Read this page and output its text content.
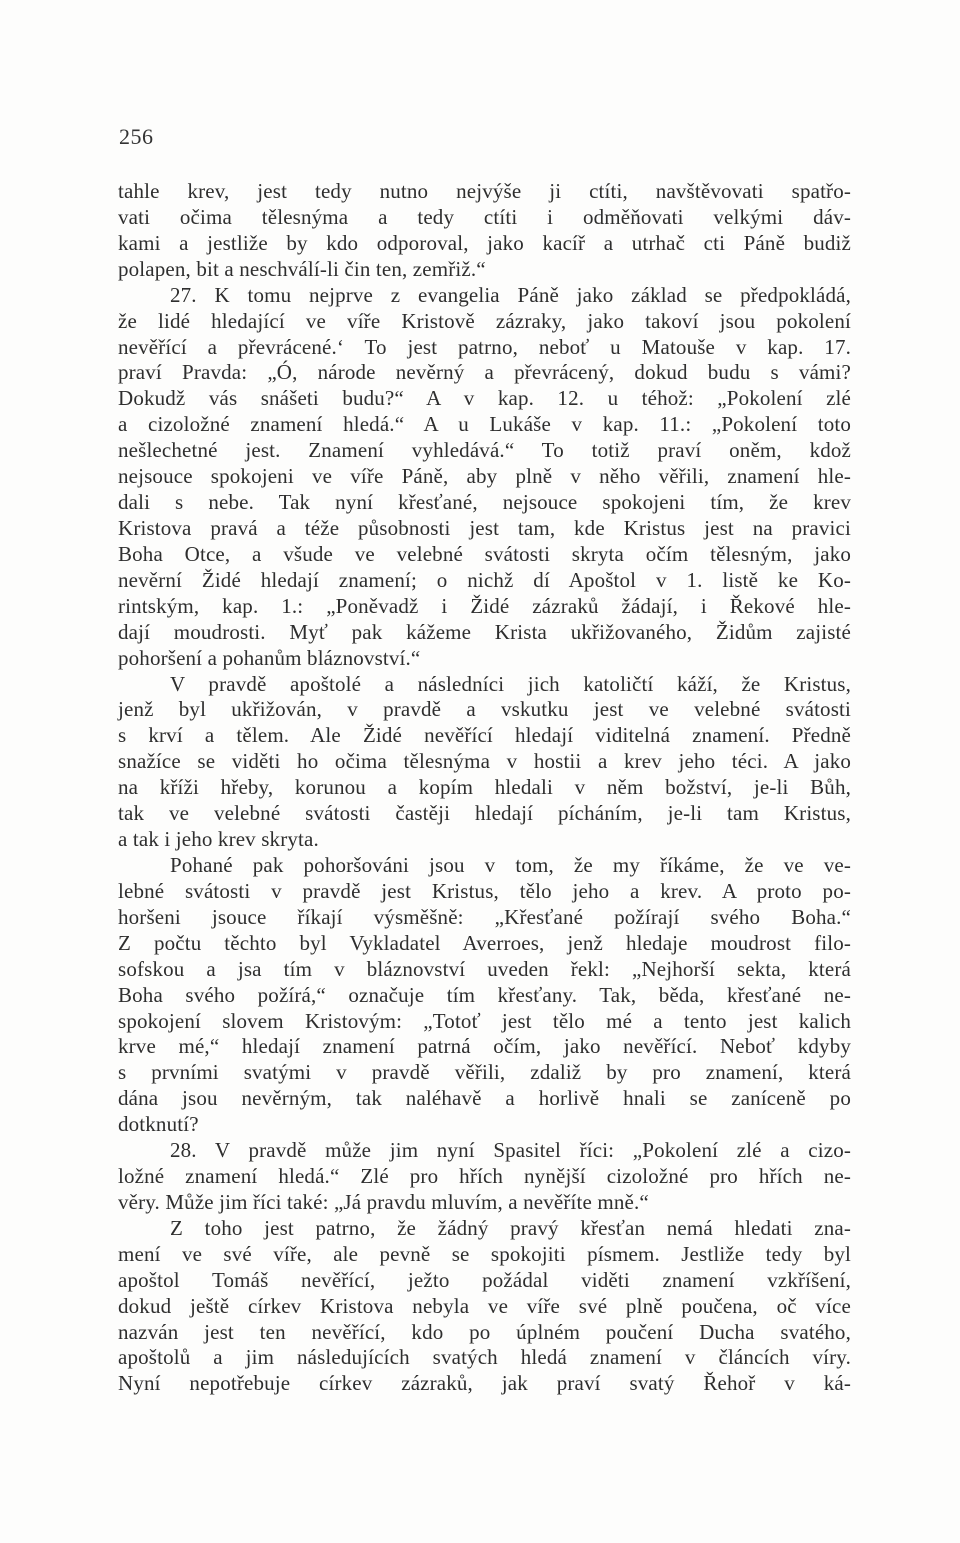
256
tahle krev, jest tedy nutno nejvýše ji ctíti, navštěvovati spatřo-
vati očima tělesnýma a tedy ctíti i odměňovati velkými dáv-
kami a jestliže by kdo odporoval, jako kacíř a utrhač cti Páně budiž
polapen, bit a neschválí-li čin ten, zemřiž.“
27. K tomu nejprve z evangelia Páně jako základ se předpokládá,
že lidé hledající ve víře Kristově zázraky, jako takoví jsou pokolení
nevěřící a převrácené.‘ To jest patrno, neboť u Matouše v kap. 17.
praví Pravda: „Ó, národe nevěrný a převrácený, dokud budu s vámi?
Dokudž vás snášeti budu?“ A v kap. 12. u téhož: „Pokolení zlé
a cizoložné znamení hledá.“ A u Lukáše v kap. 11.: „Pokolení toto
nešlechetné jest. Znamení vyhledává.“ To totiž praví oněm, kdož
nejsouce spokojeni ve víře Páně, aby plně v něho věřili, znamení hle-
dali s nebe. Tak nyní křesťané, nejsouce spokojeni tím, že krev
Kristova pravá a téže působnosti jest tam, kde Kristus jest na pravici
Boha Otce, a všude ve velebné svátosti skryta očím tělesným, jako
nevěrní Židé hledají znamení; o nichž dí Apoštol v 1. listě ke Ko-
rintským, kap. 1.: „Poněvadž i Židé zázraků žádají, i Řekové hle-
dají moudrosti. Myť pak kážeme Krista ukřižovaného, Židům zajisté
pohoršení a pohanům bláznovství.“
V pravdě apoštolé a následníci jich katoličtí káží, že Kristus,
jenž byl ukřižován, v pravdě a vskutku jest ve velebné svátosti
s krví a tělem. Ale Židé nevěřící hledají viditelná znamení. Předně
snažíce se viděti ho očima tělesnýma v hostii a krev jeho téci. A jako
na kříži hřeby, korunou a kopím hledali v něm božství, je-li Bůh,
tak ve velebné svátosti častěji hledají pícháním, je-li tam Kristus,
a tak i jeho krev skryta.
Pohané pak pohoršováni jsou v tom, že my říkáme, že ve ve-
lebné svátosti v pravdě jest Kristus, tělo jeho a krev. A proto po-
horšeni jsouce říkají výsměšně: „Křesťané požírají svého Boha.“
Z počtu těchto byl Vykladatel Averroes, jenž hledaje moudrost filo-
sofskou a jsa tím v bláznovství uveden řekl: „Nejhorší sekta, která
Boha svého požírá,“ označuje tím křesťany. Tak, běda, křesťané ne-
spokojení slovem Kristovým: „Totoť jest tělo mé a tento jest kalich
krve mé,“ hledají znamení patrná očím, jako nevěřící. Neboť kdyby
s prvními svatými v pravdě věřili, zdaliž by pro znamení, která
dána jsou nevěrným, tak naléhavě a horlivě hnali se zaníceně po
dotknutí?
28. V pravdě může jim nyní Spasitel říci: „Pokolení zlé a cizo-
ložné znamení hledá.“ Zlé pro hřích nynější cizoložné pro hřích ne-
věry. Může jim říci také: „Já pravdu mluvím, a nevěříte mně.“
Z toho jest patrno, že žádný pravý křesťan nemá hledati zna-
mení ve své víře, ale pevně se spokojiti písmem. Jestliže tedy byl
apoštol Tomáš nevěřící, ježto požádal viděti znamení vzkříšení,
dokud ještě církev Kristova nebyla ve víře své plně poučena, oč více
nazván jest ten nevěřící, kdo po úplném poučení Ducha svatého,
apoštolů a jim následujících svatých hledá znamení v článcích víry.
Nyní nepotřebuje církev zázraků, jak praví svatý Řehoř v ká-
